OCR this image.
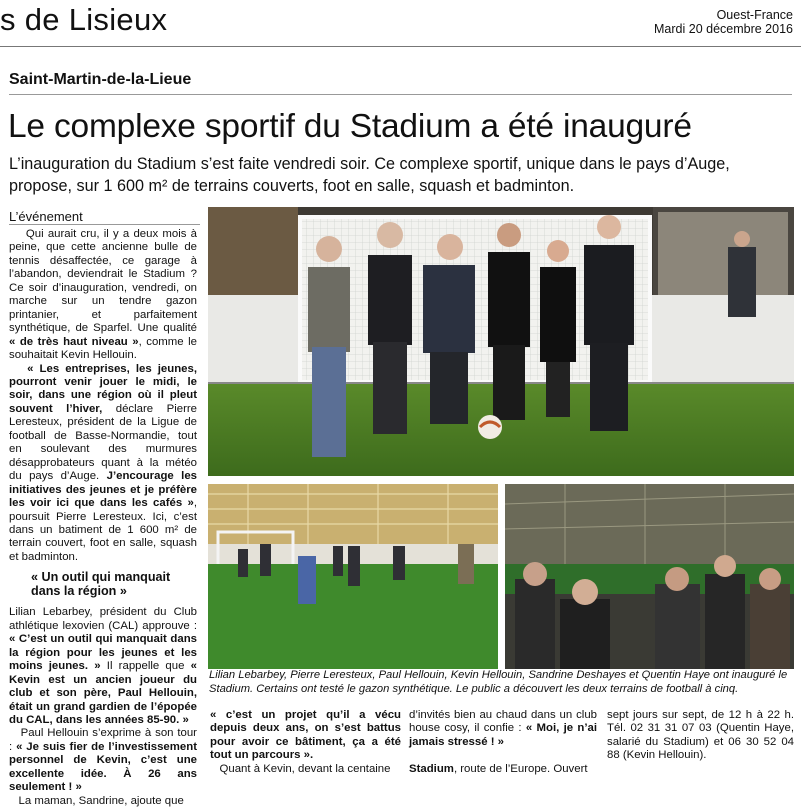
s de Lisieux	Ouest-France
Mardi 20 décembre 2016
Saint-Martin-de-la-Lieue
Le complexe sportif du Stadium a été inauguré
L’inauguration du Stadium s’est faite vendredi soir. Ce complexe sportif, unique dans le pays d’Auge, propose, sur 1 600 m² de terrains couverts, foot en salle, squash et badminton.
L’événement

Qui aurait cru, il y a deux mois à peine, que cette ancienne bulle de tennis désaffectée, ce garage à l’abandon, deviendrait le Stadium ? Ce soir d’inauguration, vendredi, on marche sur un tendre gazon printanier, et parfaitement synthétique, de Sparfel. Une qualité « de très haut niveau », comme le souhaitait Kevin Hellouin.

« Les entreprises, les jeunes, pourront venir jouer le midi, le soir, dans une région où il pleut souvent l’hiver, déclare Pierre Leresteux, président de la Ligue de football de Basse-Normandie, tout en soulevant des murmures désapprobateurs quant à la météo du pays d’Auge. J’encourage les initiatives des jeunes et je préfère les voir ici que dans les cafés », poursuit Pierre Leresteux. Ici, c’est dans un batiment de 1 600 m² de terrain couvert, foot en salle, squash et badminton.

« Un outil qui manquait dans la région »

Lilian Lebarbey, président du Club athlétique lexovien (CAL) approuve : « C’est un outil qui manquait dans la région pour les jeunes et les moins jeunes. » Il rappelle que « Kevin est un ancien joueur du club et son père, Paul Hellouin, était un grand gardien de l’épopée du CAL, dans les années 85-90. »

Paul Hellouin s’exprime à son tour : « Je suis fier de l’investissement personnel de Kevin, c’est une excellente idée. À 26 ans seulement ! »

La maman, Sandrine, ajoute que

Lilian Lebarbey, Pierre Leresteux, Paul Hellouin, Kevin Hellouin, Sandrine Deshayes et Quentin Haye ont inauguré le Stadium. Certains ont testé le gazon synthétique. Le public a découvert les deux terrains de football à cinq.

« c’est un projet qu’il a vécu depuis deux ans, on s’est battus pour avoir ce bâtiment, ça a été tout un parcours ».

Quant à Kevin, devant la centaine

d’invités bien au chaud dans un club house cosy, il confie : « Moi, je n’ai jamais stressé ! »

Stadium, route de l’Europe. Ouvert

sept jours sur sept, de 12 h à 22 h. Tél. 02 31 31 07 03 (Quentin Haye, salarié du Stadium) et 06 30 52 04 88 (Kevin Hellouin).
